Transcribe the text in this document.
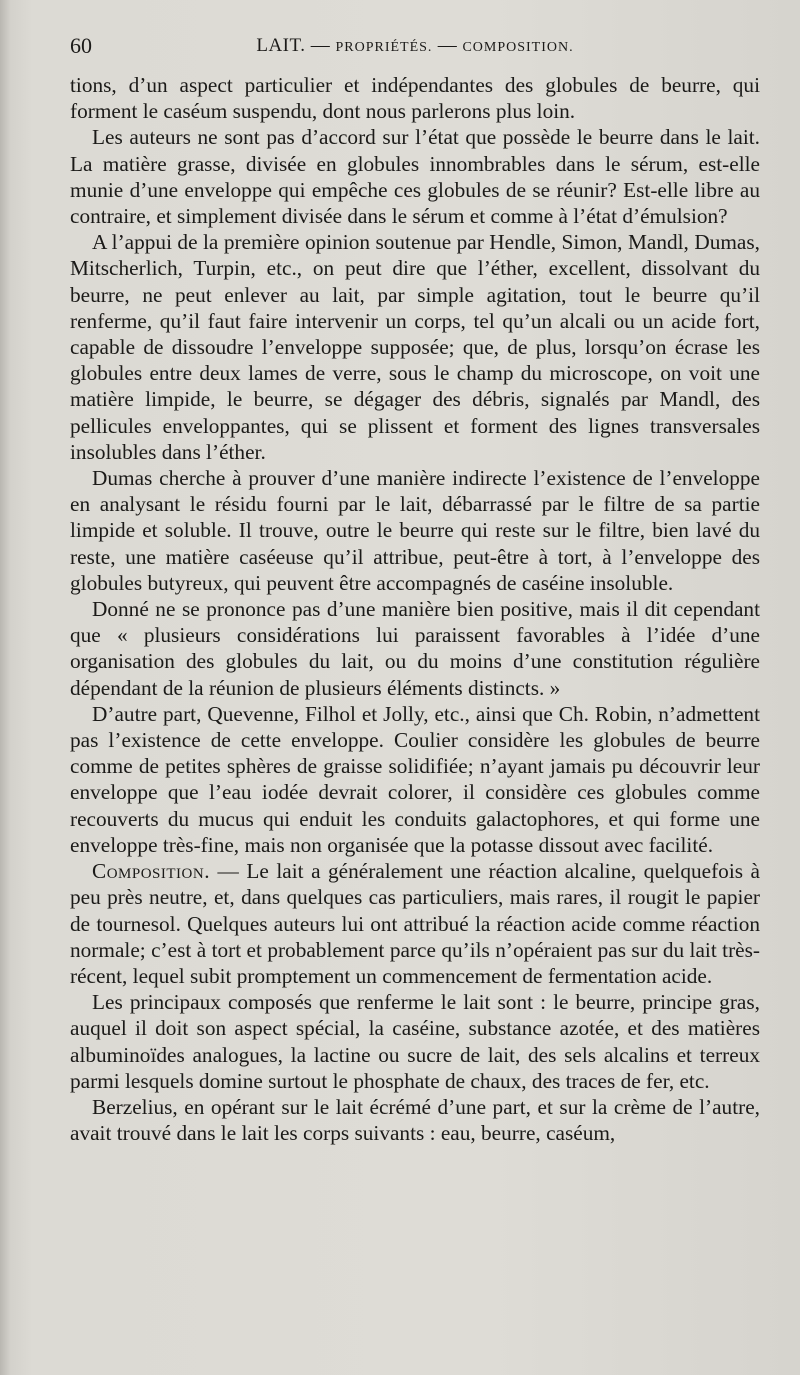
60	LAIT. — PROPRIÉTÉS. — COMPOSITION.

tions, d’un aspect particulier et indépendantes des globules de beurre, qui forment le caséum suspendu, dont nous parlerons plus loin.

Les auteurs ne sont pas d’accord sur l’état que possède le beurre dans le lait. La matière grasse, divisée en globules innombrables dans le sérum, est-elle munie d’une enveloppe qui empêche ces globules de se réunir? Est-elle libre au contraire, et simplement divisée dans le sérum et comme à l’état d’émulsion?

A l’appui de la première opinion soutenue par Hendle, Simon, Mandl, Dumas, Mitscherlich, Turpin, etc., on peut dire que l’éther, excellent, dissolvant du beurre, ne peut enlever au lait, par simple agitation, tout le beurre qu’il renferme, qu’il faut faire intervenir un corps, tel qu’un alcali ou un acide fort, capable de dissoudre l’enveloppe supposée; que, de plus, lorsqu’on écrase les globules entre deux lames de verre, sous le champ du microscope, on voit une matière limpide, le beurre, se dégager des débris, signalés par Mandl, des pellicules enveloppantes, qui se plissent et forment des lignes transversales insolubles dans l’éther.

Dumas cherche à prouver d’une manière indirecte l’existence de l’enveloppe en analysant le résidu fourni par le lait, débarrassé par le filtre de sa partie limpide et soluble. Il trouve, outre le beurre qui reste sur le filtre, bien lavé du reste, une matière caséeuse qu’il attribue, peut-être à tort, à l’enveloppe des globules butyreux, qui peuvent être accompagnés de caséine insoluble.

Donné ne se prononce pas d’une manière bien positive, mais il dit cependant que « plusieurs considérations lui paraissent favorables à l’idée d’une organisation des globules du lait, ou du moins d’une constitution régulière dépendant de la réunion de plusieurs éléments distincts. »

D’autre part, Quevenne, Filhol et Jolly, etc., ainsi que Ch. Robin, n’admettent pas l’existence de cette enveloppe. Coulier considère les globules de beurre comme de petites sphères de graisse solidifiée; n’ayant jamais pu découvrir leur enveloppe que l’eau iodée devrait colorer, il considère ces globules comme recouverts du mucus qui enduit les conduits galactophores, et qui forme une enveloppe très-fine, mais non organisée que la potasse dissout avec facilité.

Composition. — Le lait a généralement une réaction alcaline, quelquefois à peu près neutre, et, dans quelques cas particuliers, mais rares, il rougit le papier de tournesol. Quelques auteurs lui ont attribué la réaction acide comme réaction normale; c’est à tort et probablement parce qu’ils n’opéraient pas sur du lait très-récent, lequel subit promptement un commencement de fermentation acide.

Les principaux composés que renferme le lait sont : le beurre, principe gras, auquel il doit son aspect spécial, la caséine, substance azotée, et des matières albuminoïdes analogues, la lactine ou sucre de lait, des sels alcalins et terreux parmi lesquels domine surtout le phosphate de chaux, des traces de fer, etc.

Berzelius, en opérant sur le lait écrémé d’une part, et sur la crème de l’autre, avait trouvé dans le lait les corps suivants : eau, beurre, caséum,
